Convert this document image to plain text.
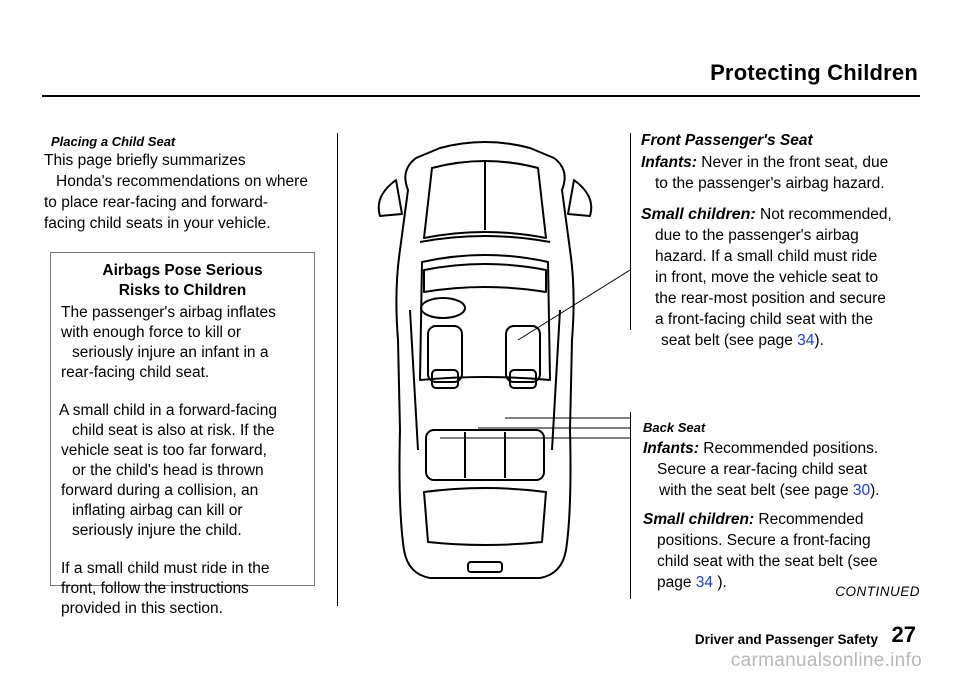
Protecting Children
Placing a Child Seat
This page briefly summarizes
Honda's recommendations on where
to place rear-facing and forward-
facing child seats in your vehicle.
Airbags Pose Serious
Risks to Children
The passenger's airbag inflates
with enough force to kill or
seriously injure an infant in a
rear-facing child seat.
A small child in a forward-facing
child seat is also at risk. If the
vehicle seat is too far forward,
or the child's head is thrown
forward during a collision, an
inflating airbag can kill or
seriously injure the child.
If a small child must ride in the
front, follow the instructions
provided in this section.
Front Passenger's Seat
Infants: Never in the front seat, due
to the passenger's airbag hazard.
Small children: Not recommended,
due to the passenger's airbag
hazard. If a small child must ride
in front, move the vehicle seat to
the rear-most position and secure
a front-facing child seat with the
seat belt (see page 34).
Back Seat
Infants: Recommended positions.
Secure a rear-facing child seat
with the seat belt (see page 30).
Small children: Recommended
positions. Secure a front-facing
child seat with the seat belt (see
page 34 ).
CONTINUED
Driver and Passenger Safety 27
carmanualsonline.info
